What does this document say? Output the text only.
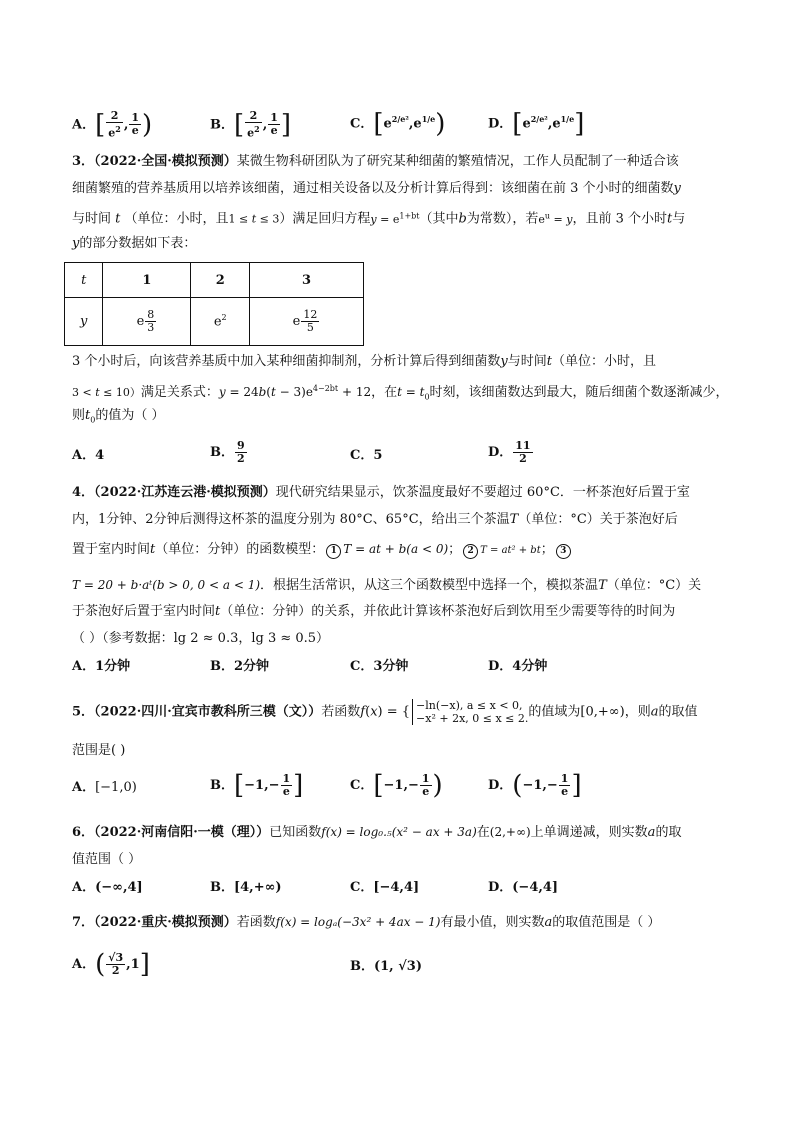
A．[ $\frac{2}{e^2}$ , $\frac{1}{e}$ )	B．[ $\frac{2}{e^2}$ , $\frac{1}{e}$ ]	C．$[e^{2/e^2},e^{1/e})$	D．$[e^{2/e^2},e^{1/e}]$
3．（2022·全国·模拟预测）某微生物科研团队为了研究某种细菌的繁殖情况，工作人员配制了一种适合该
细菌繁殖的营养基质用以培养该细菌，通过相关设备以及分析计算后得到：该细菌在前 3 个小时的细菌数y
与时间 t （单位：小时，且1 ≤ t ≤ 3）满足回归方程$y = e^{1+bt}$（其中b为常数），若$e^u = y$，且前 3 个小时t与
y的部分数据如下表：
t	1	2	3
y	e $\frac{8}{3}$	$e^2$	e $\frac{12}{5}$
3 个小时后，向该营养基质中加入某种细菌抑制剂，分析计算后得到细菌数y与时间t（单位：小时，且
3 < t ≤ 10）满足关系式：$y = 24b(t - 3)e^{4-2bt} + 12$，在$t = t_0$时刻，该细菌数达到最大，随后细菌个数逐渐减少，
则$t_0$的值为（ ）
A．4	B． $\frac{9}{2}$	C．5	D． $\frac{11}{2}$
4．（2022·江苏连云港·模拟预测）现代研究结果显示，饮茶温度最好不要超过 60°C．一杯茶泡好后置于室
内，1分钟、2分钟后测得这杯茶的温度分别为 80°C、65°C，给出三个茶温T（单位：°C）关于茶泡好后
置于室内时间t（单位：分钟）的函数模型： 1 T = at + b(a < 0)； 2 T = at² + bt； 3
T = 20 + b·aᵗ(b > 0, 0 < a < 1)．根据生活常识，从这三个函数模型中选择一个，模拟茶温T（单位：°C）关
于茶泡好后置于室内时间t（单位：分钟）的关系，并依此计算该杯茶泡好后到饮用至少需要等待的时间为
（ ）（参考数据：lg 2 ≈ 0.3，lg 3 ≈ 0.5）
A．1分钟	B．2分钟	C．3分钟	D．4分钟
5．（2022·四川·宜宾市教科所三模（文））若函数f(x) = { −ln(−x), a ≤ x < 0,
−x² + 2x, 0 ≤ x ≤ 2.的值域为[0,+∞)，则a的取值
范围是( )
A．[−1,0)	B．[$-1,- \frac{1}{e}$ ]	C．[$-1,- \frac{1}{e}$ )	D．($-1,- \frac{1}{e}$ ]
6．（2022·河南信阳·一模（理））已知函数f(x) = log₀.₅(x² − ax + 3a)在(2,+∞)上单调递减，则实数a的取
值范围（ ）
A．(−∞,4]	B．[4,+∞)	C．[−4,4]	D．(−4,4]
7．（2022·重庆·模拟预测）若函数f(x) = logₐ(−3x² + 4ax − 1)有最小值，则实数a的取值范围是（ ）
A．( $\frac{√3}{2} ,1$]	B．(1, √3)
